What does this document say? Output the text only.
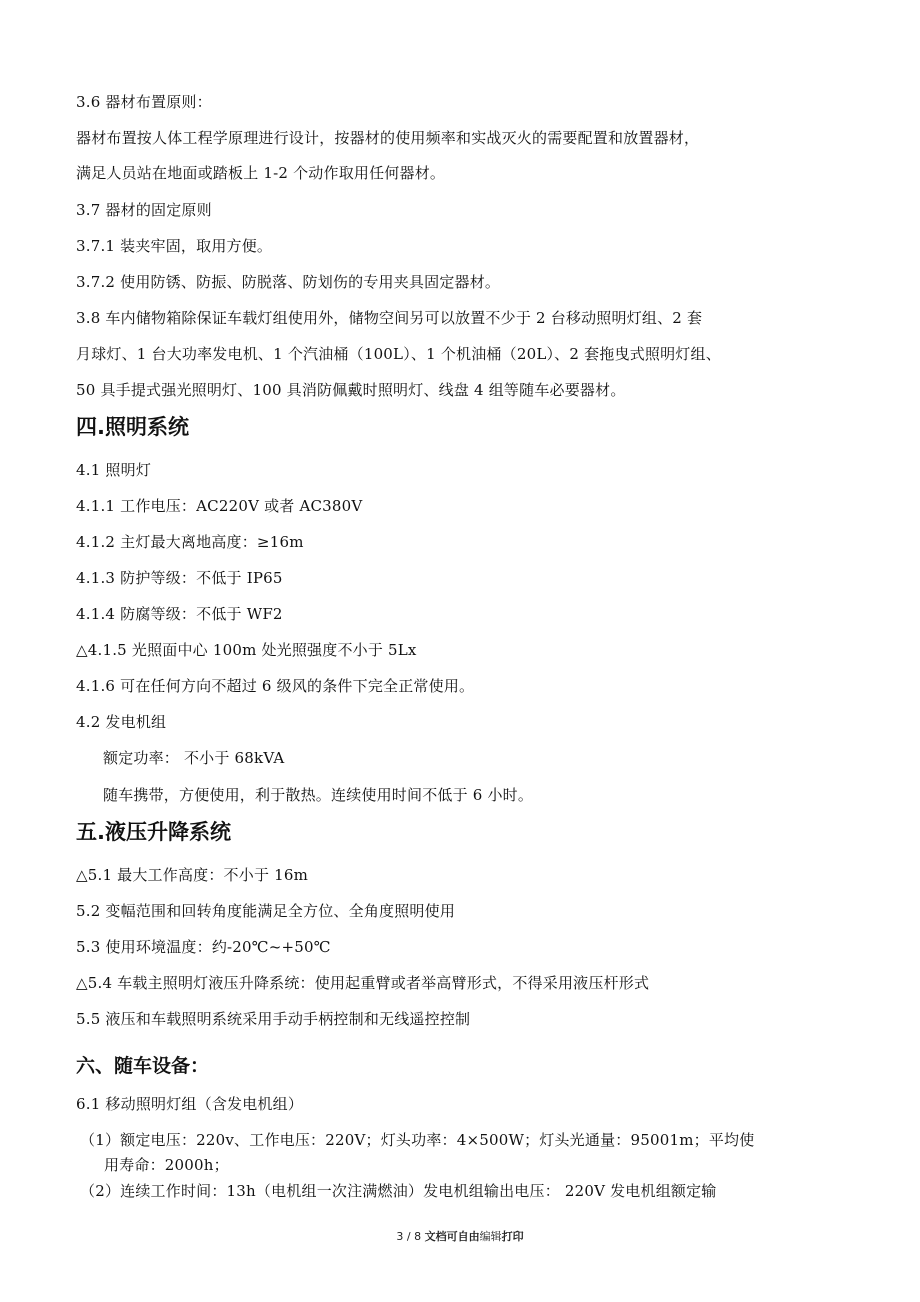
3.6 器材布置原则：
器材布置按人体工程学原理进行设计，按器材的使用频率和实战灭火的需要配置和放置器材，
满足人员站在地面或踏板上 1-2 个动作取用任何器材。
3.7 器材的固定原则
3.7.1 装夹牢固，取用方便。
3.7.2 使用防锈、防振、防脱落、防划伤的专用夹具固定器材。
3.8 车内储物箱除保证车载灯组使用外，储物空间另可以放置不少于 2 台移动照明灯组、2 套
月球灯、1 台大功率发电机、1 个汽油桶（100L）、1 个机油桶（20L）、2 套拖曳式照明灯组、
50 具手提式强光照明灯、100 具消防佩戴时照明灯、线盘 4 组等随车必要器材。
四.照明系统
4.1 照明灯
4.1.1 工作电压：AC220V 或者 AC380V
4.1.2 主灯最大离地高度：≥16m
4.1.3 防护等级：不低于 IP65
4.1.4 防腐等级：不低于 WF2
△4.1.5 光照面中心 100m 处光照强度不小于 5Lx
4.1.6 可在任何方向不超过 6 级风的条件下完全正常使用。
4.2 发电机组
额定功率： 不小于 68kVA
随车携带，方便使用，利于散热。连续使用时间不低于 6 小时。
五.液压升降系统
△5.1 最大工作高度：不小于 16m
5.2 变幅范围和回转角度能满足全方位、全角度照明使用
5.3 使用环境温度：约-20℃~+50℃
△5.4 车载主照明灯液压升降系统：使用起重臂或者举高臂形式，不得采用液压杆形式
5.5 液压和车载照明系统采用手动手柄控制和无线遥控控制
六、随车设备：
6.1 移动照明灯组（含发电机组）
（1）额定电压：220v、工作电压：220V；灯头功率：4×500W；灯头光通量：95001m；平均使
用寿命：2000h；
（2）连续工作时间：13h（电机组一次注满燃油）发电机组输出电压： 220V 发电机组额定输
3 / 8 文档可自由编辑打印
